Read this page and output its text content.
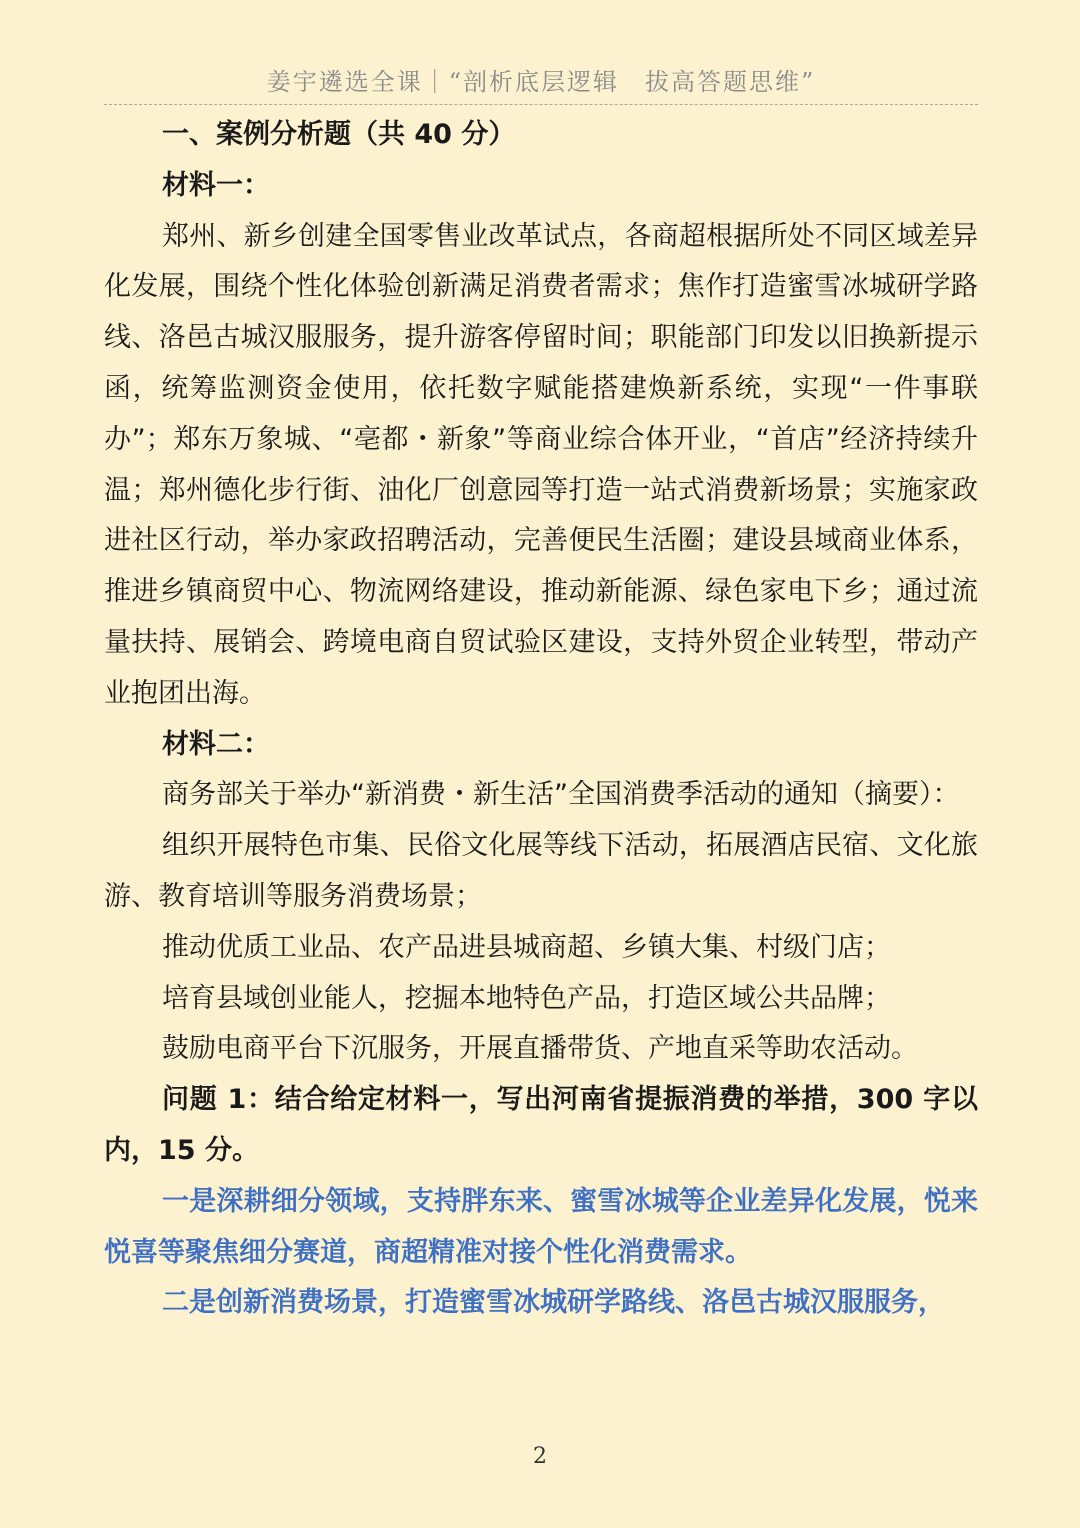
姜宇遴选全课｜“剖析底层逻辑　拔高答题思维”

一、案例分析题（共 40 分）

材料一：

郑州、新乡创建全国零售业改革试点，各商超根据所处不同区域差异化发展，围绕个性化体验创新满足消费者需求；焦作打造蜜雪冰城研学路线、洛邑古城汉服服务，提升游客停留时间；职能部门印发以旧换新提示函，统筹监测资金使用，依托数字赋能搭建焕新系统，实现“一件事联办”；郑东万象城、“亳都・新象”等商业综合体开业，“首店”经济持续升温；郑州德化步行街、油化厂创意园等打造一站式消费新场景；实施家政进社区行动，举办家政招聘活动，完善便民生活圈；建设县域商业体系，推进乡镇商贸中心、物流网络建设，推动新能源、绿色家电下乡；通过流量扶持、展销会、跨境电商自贸试验区建设，支持外贸企业转型，带动产业抱团出海。

材料二：

商务部关于举办“新消费・新生活”全国消费季活动的通知（摘要）：

组织开展特色市集、民俗文化展等线下活动，拓展酒店民宿、文化旅游、教育培训等服务消费场景；

推动优质工业品、农产品进县城商超、乡镇大集、村级门店；

培育县域创业能人，挖掘本地特色产品，打造区域公共品牌；

鼓励电商平台下沉服务，开展直播带货、产地直采等助农活动。

问题 1：结合给定材料一，写出河南省提振消费的举措，300 字以内，15 分。

一是深耕细分领域，支持胖东来、蜜雪冰城等企业差异化发展，悦来悦喜等聚焦细分赛道，商超精准对接个性化消费需求。

二是创新消费场景，打造蜜雪冰城研学路线、洛邑古城汉服服务，

2
